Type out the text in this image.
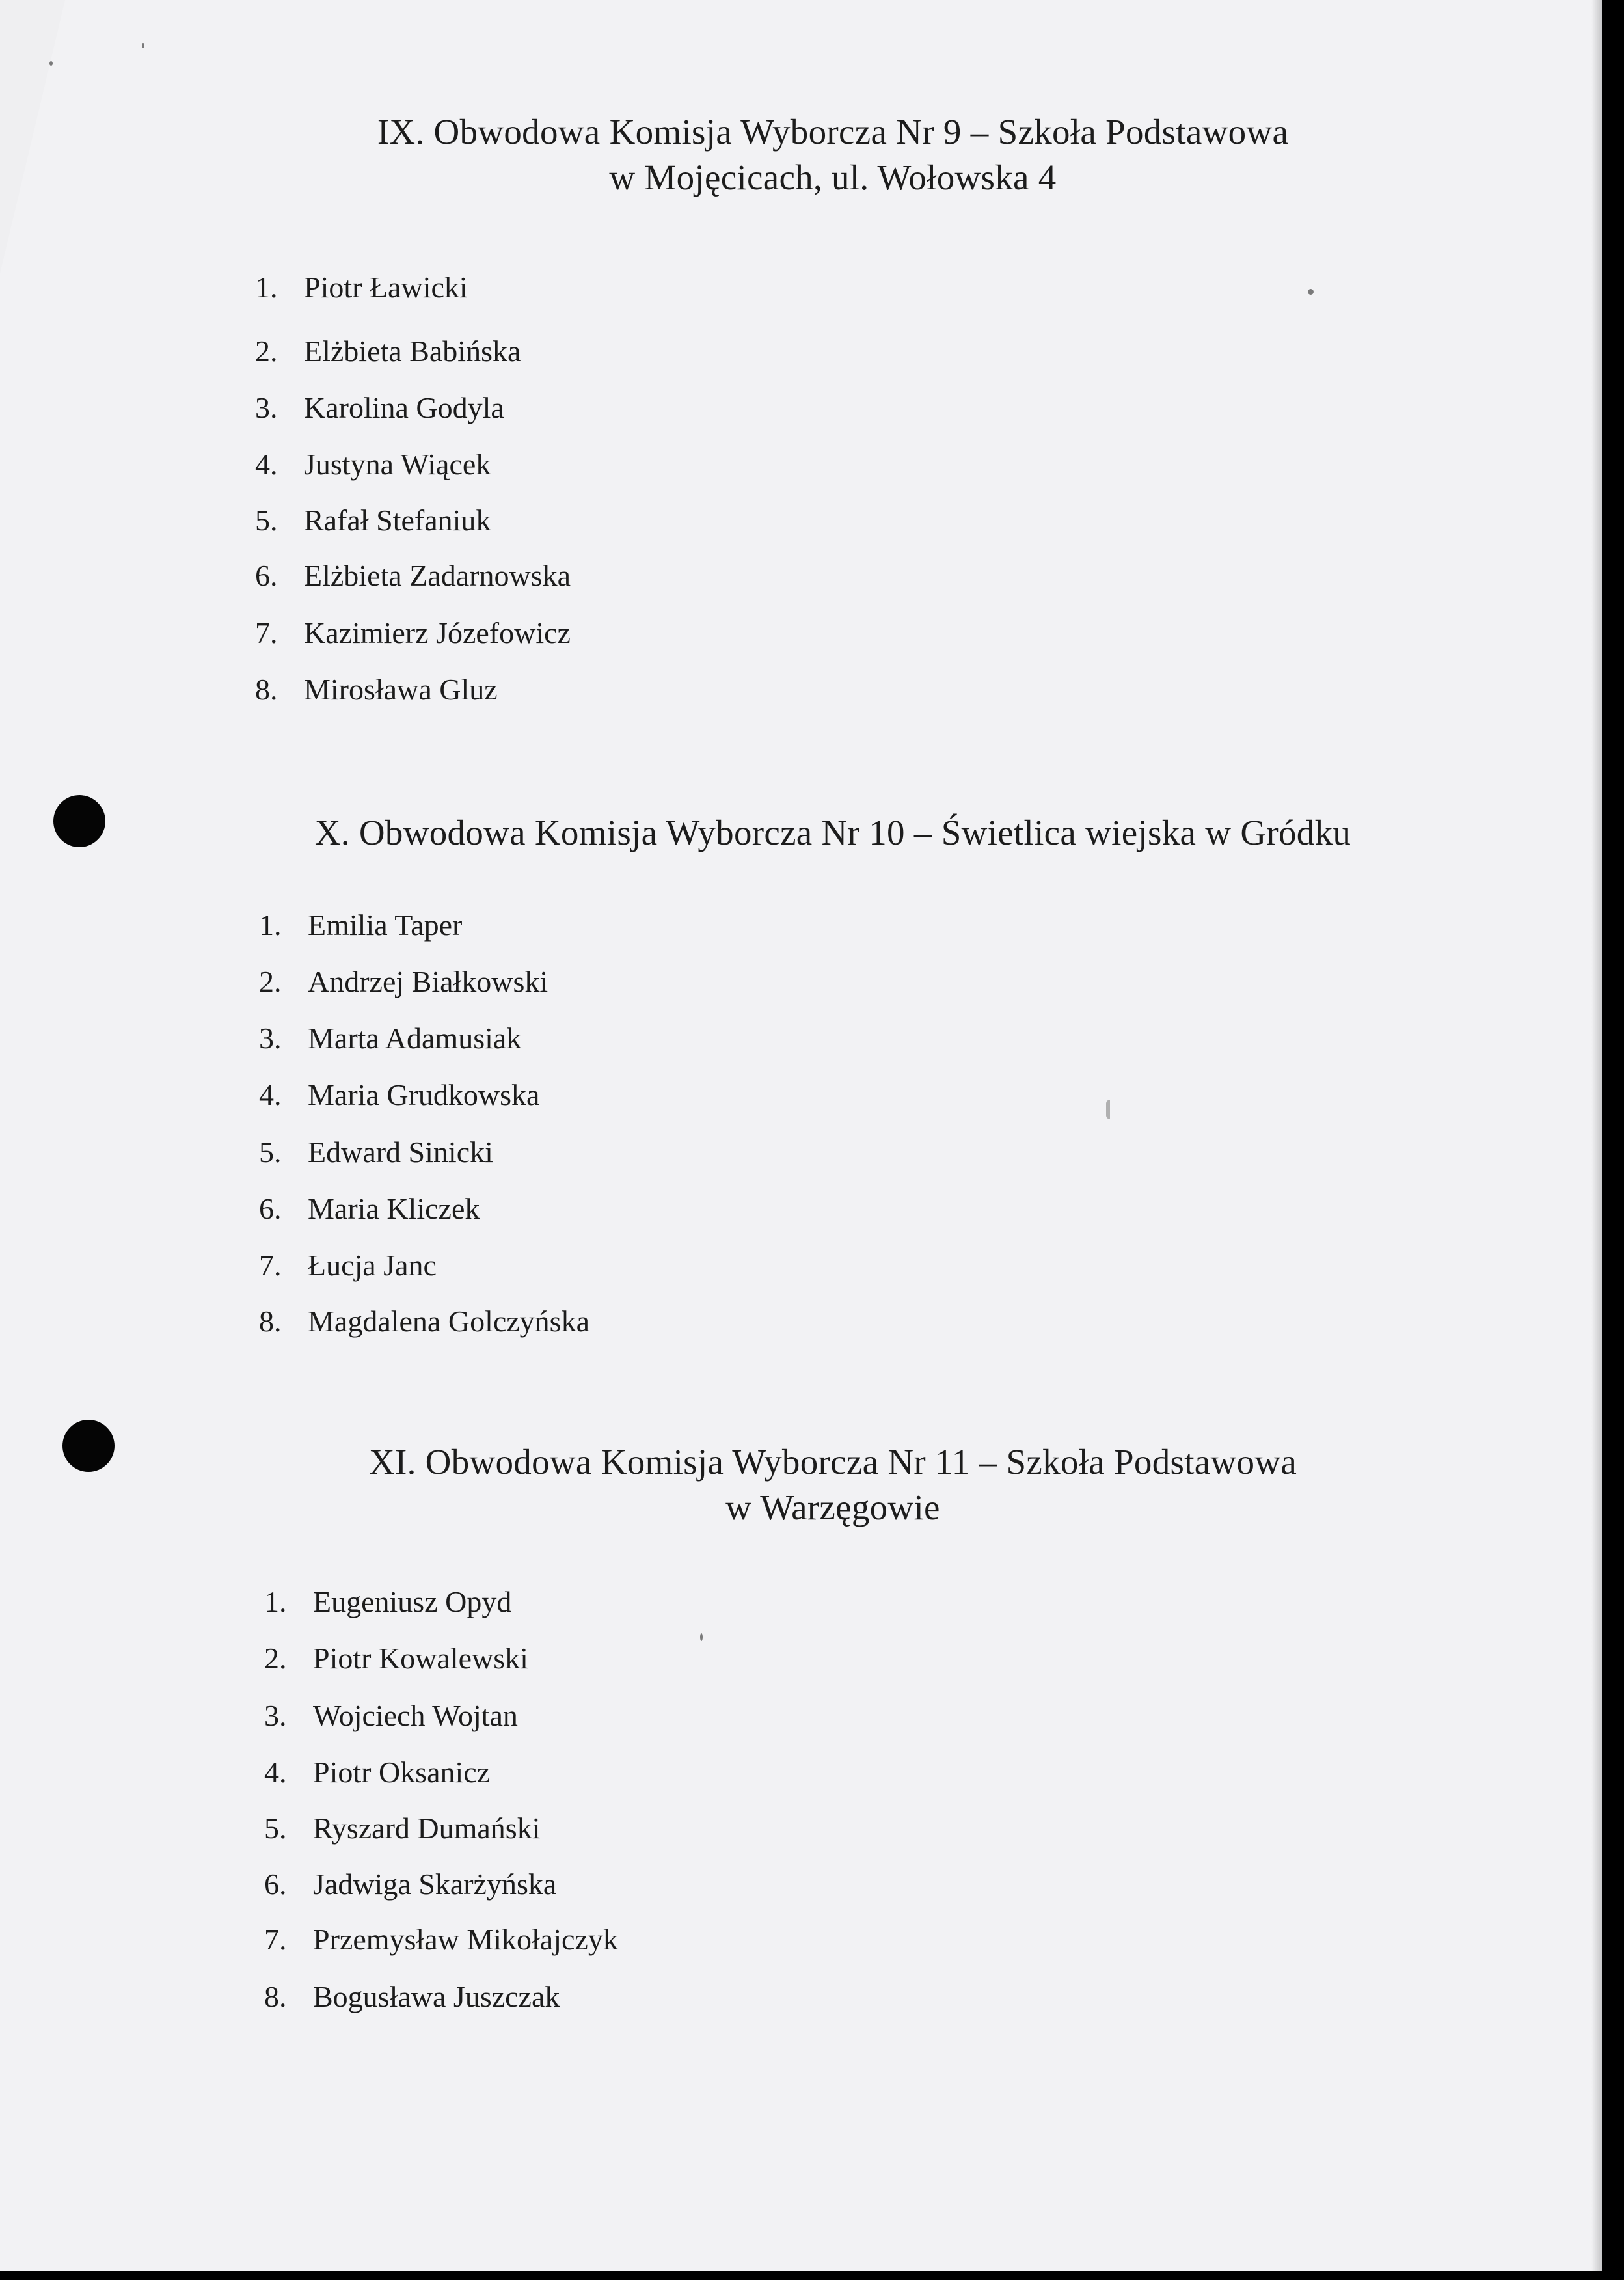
IX. Obwodowa Komisja Wyborcza Nr 9 – Szkoła Podstawowa
w Mojęcicach, ul. Wołowska 4
1. Piotr Ławicki
2. Elżbieta Babińska
3. Karolina Godyla
4. Justyna Wiącek
5. Rafał Stefaniuk
6. Elżbieta Zadarnowska
7. Kazimierz Józefowicz
8. Mirosława Gluz
X. Obwodowa Komisja Wyborcza Nr 10 – Świetlica wiejska w Gródku
1. Emilia Taper
2. Andrzej Białkowski
3. Marta Adamusiak
4. Maria Grudkowska
5. Edward Sinicki
6. Maria Kliczek
7. Łucja Janc
8. Magdalena Golczyńska
XI. Obwodowa Komisja Wyborcza Nr 11 – Szkoła Podstawowa
w Warzęgowie
1. Eugeniusz Opyd
2. Piotr Kowalewski
3. Wojciech Wojtan
4. Piotr Oksanicz
5. Ryszard Dumański
6. Jadwiga Skarżyńska
7. Przemysław Mikołajczyk
8. Bogusława Juszczak
